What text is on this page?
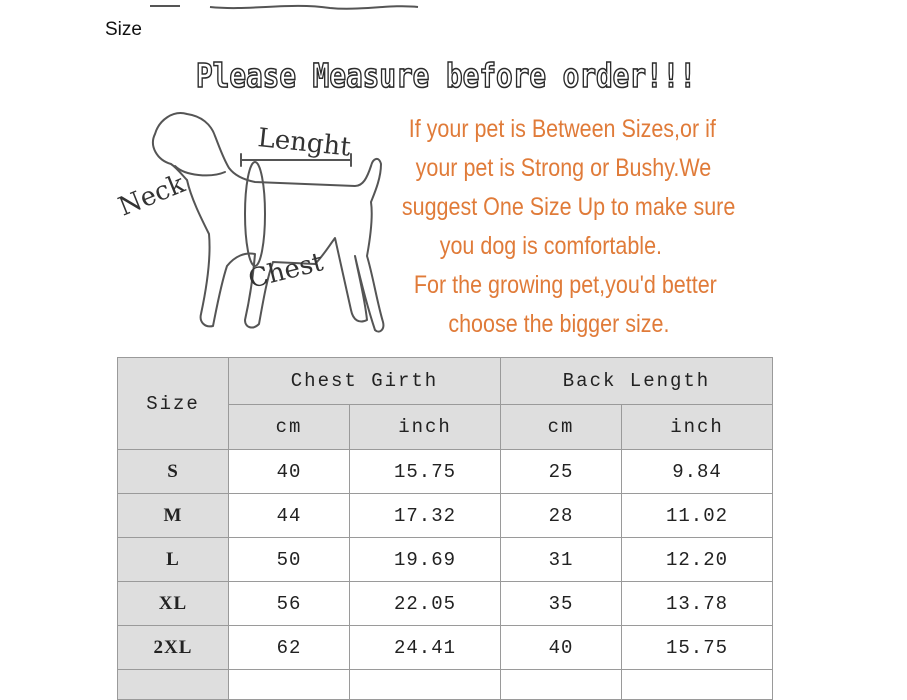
Size
Please Measure before order!!!
Neck
Lenght
Chest

If your pet is Between Sizes,or if

your pet is Strong or Bushy.We

suggest One Size Up to make sure

you dog is comfortable.

For the growing pet,you'd better

choose the bigger size.

Size	Chest Girth		Back Length	
	cm	inch	cm	inch
S	40	15.75	25	9.84
M	44	17.32	28	11.02
L	50	19.69	31	12.20
XL	56	22.05	35	13.78
2XL	62	24.41	40	15.75
